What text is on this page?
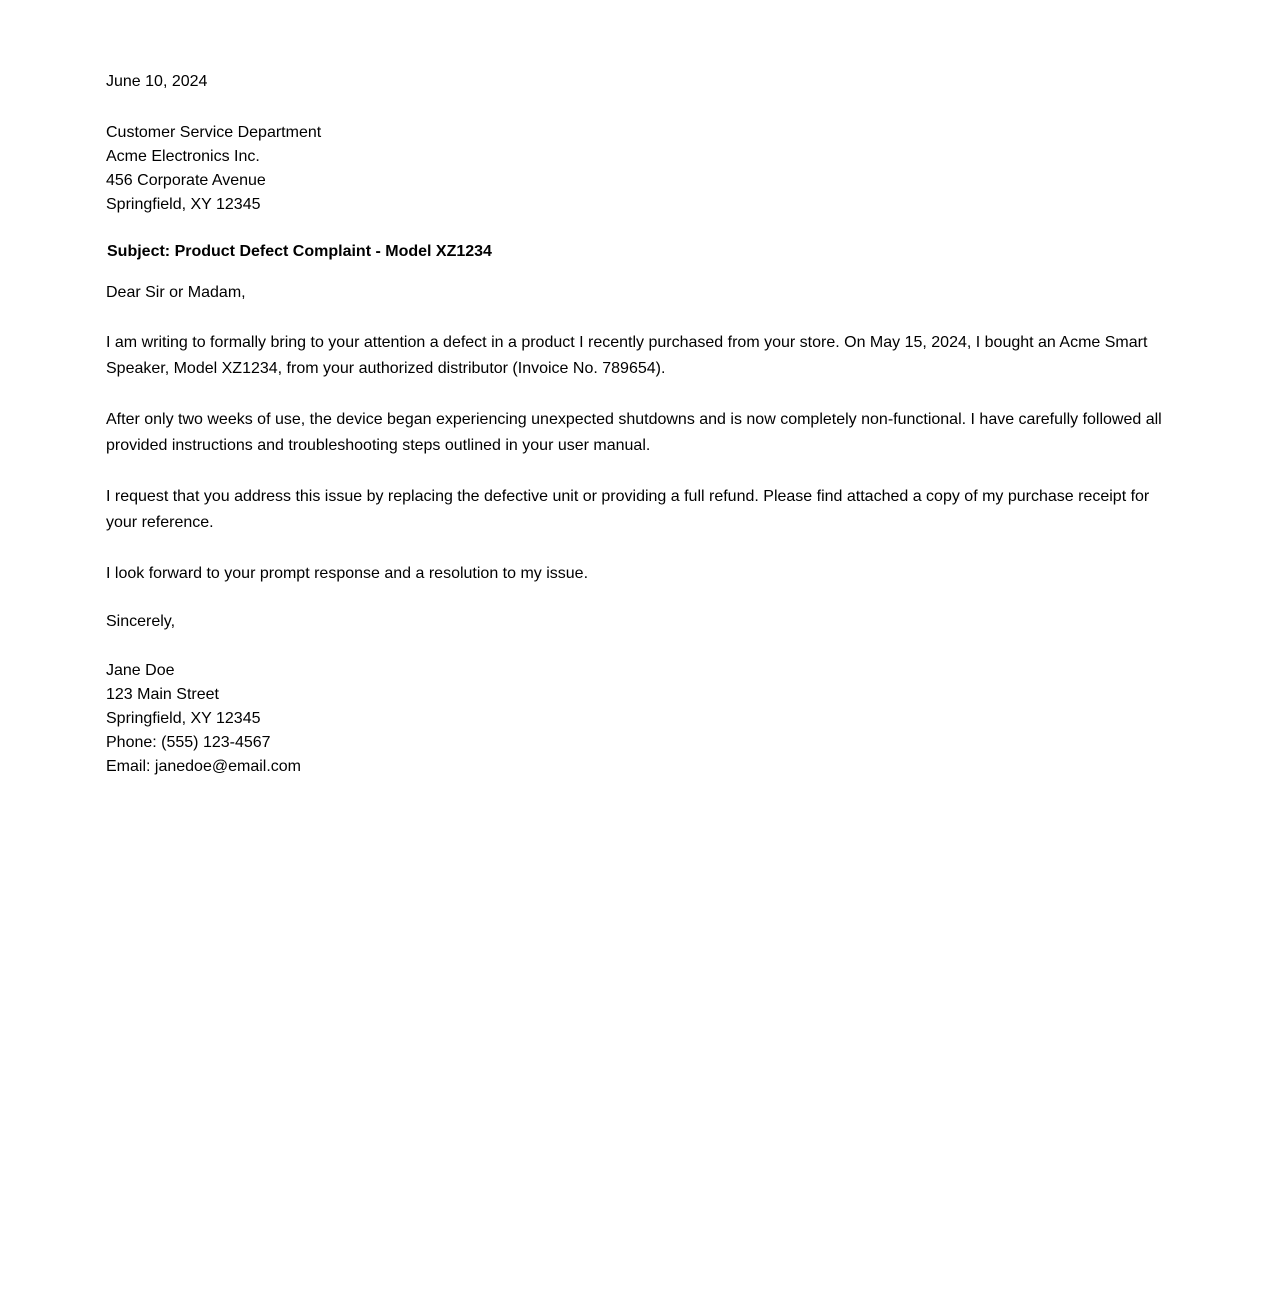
June 10, 2024

Customer Service Department

Acme Electronics Inc.

456 Corporate Avenue

Springfield, XY 12345

Subject: Product Defect Complaint - Model XZ1234

Dear Sir or Madam,

I am writing to formally bring to your attention a defect in a product I recently purchased from your store. On May 15, 2024, I bought an Acme Smart Speaker, Model XZ1234, from your authorized distributor (Invoice No. 789654).

After only two weeks of use, the device began experiencing unexpected shutdowns and is now completely non-functional. I have carefully followed all provided instructions and troubleshooting steps outlined in your user manual.

I request that you address this issue by replacing the defective unit or providing a full refund. Please find attached a copy of my purchase receipt for your reference.

I look forward to your prompt response and a resolution to my issue.

Sincerely,

Jane Doe

123 Main Street

Springfield, XY 12345

Phone: (555) 123-4567

Email: janedoe@email.com
